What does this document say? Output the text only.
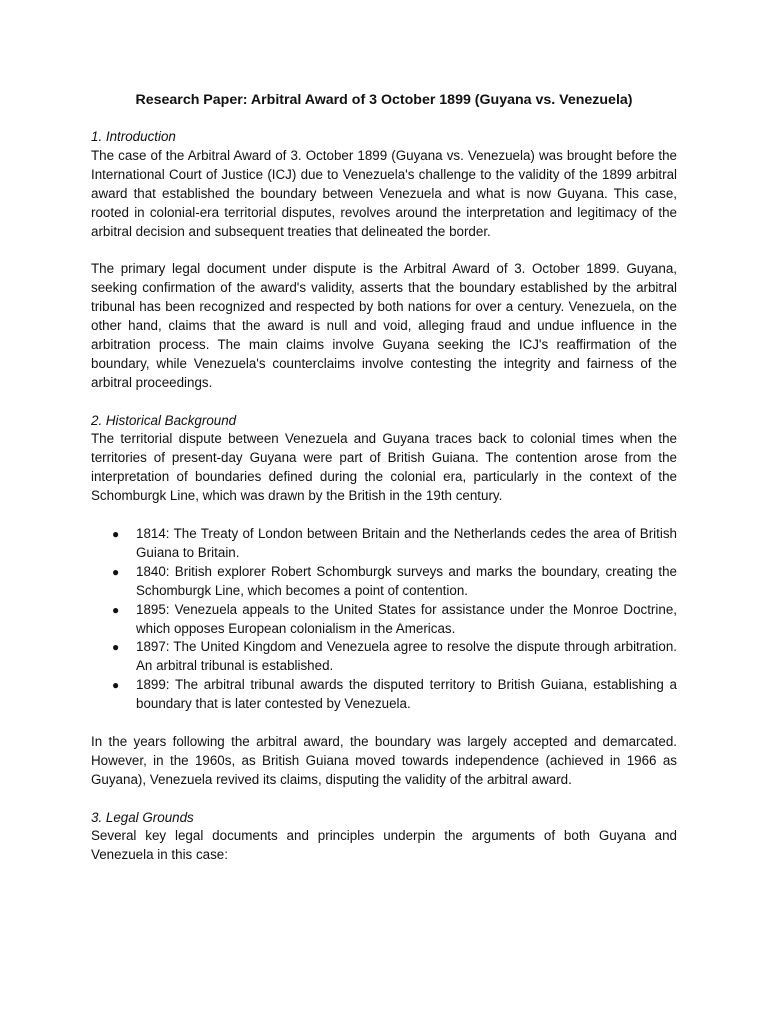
Research Paper: Arbitral Award of 3 October 1899 (Guyana vs. Venezuela)
1. Introduction

The case of the Arbitral Award of 3. October 1899 (Guyana vs. Venezuela) was brought before the International Court of Justice (ICJ) due to Venezuela's challenge to the validity of the 1899 arbitral award that established the boundary between Venezuela and what is now Guyana. This case, rooted in colonial-era territorial disputes, revolves around the interpretation and legitimacy of the arbitral decision and subsequent treaties that delineated the border.

The primary legal document under dispute is the Arbitral Award of 3. October 1899. Guyana, seeking confirmation of the award's validity, asserts that the boundary established by the arbitral tribunal has been recognized and respected by both nations for over a century. Venezuela, on the other hand, claims that the award is null and void, alleging fraud and undue influence in the arbitration process. The main claims involve Guyana seeking the ICJ's reaffirmation of the boundary, while Venezuela's counterclaims involve contesting the integrity and fairness of the arbitral proceedings.

2. Historical Background

The territorial dispute between Venezuela and Guyana traces back to colonial times when the territories of present-day Guyana were part of British Guiana. The contention arose from the interpretation of boundaries defined during the colonial era, particularly in the context of the Schomburgk Line, which was drawn by the British in the 19th century.

● 1814: The Treaty of London between Britain and the Netherlands cedes the area of British Guiana to Britain.
● 1840: British explorer Robert Schomburgk surveys and marks the boundary, creating the Schomburgk Line, which becomes a point of contention.
● 1895: Venezuela appeals to the United States for assistance under the Monroe Doctrine, which opposes European colonialism in the Americas.
● 1897: The United Kingdom and Venezuela agree to resolve the dispute through arbitration. An arbitral tribunal is established.
● 1899: The arbitral tribunal awards the disputed territory to British Guiana, establishing a boundary that is later contested by Venezuela.

In the years following the arbitral award, the boundary was largely accepted and demarcated. However, in the 1960s, as British Guiana moved towards independence (achieved in 1966 as Guyana), Venezuela revived its claims, disputing the validity of the arbitral award.

3. Legal Grounds

Several key legal documents and principles underpin the arguments of both Guyana and Venezuela in this case:
